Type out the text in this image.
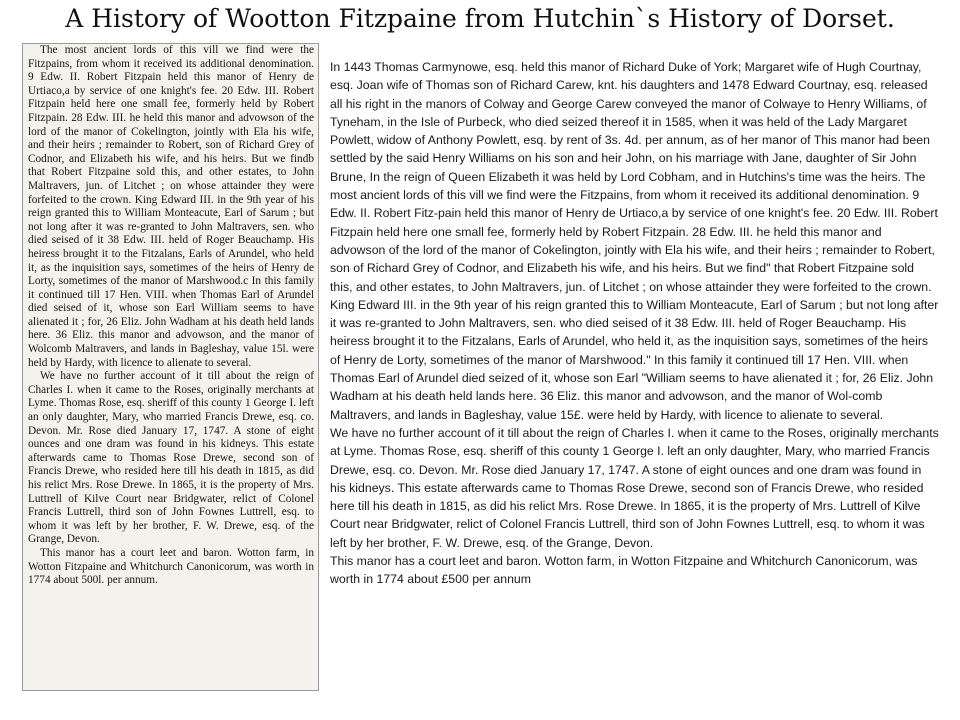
A History of Wootton Fitzpaine from Hutchin`s History of Dorset.

The most ancient lords of this vill we find were the Fitzpains, from whom it received its additional denomination. 9 Edw. II. Robert Fitzpain held this manor of Henry de Urtiaco,a by service of one knight's fee. 20 Edw. III. Robert Fitzpain held here one small fee, formerly held by Robert Fitzpain. 28 Edw. III. he held this manor and advowson of the lord of the manor of Cokelington, jointly with Ela his wife, and their heirs ; remainder to Robert, son of Richard Grey of Codnor, and Elizabeth his wife, and his heirs. But we findb that Robert Fitzpaine sold this, and other estates, to John Maltravers, jun. of Litchet ; on whose attainder they were forfeited to the crown. King Edward III. in the 9th year of his reign granted this to William Monteacute, Earl of Sarum ; but not long after it was re-granted to John Maltravers, sen. who died seised of it 38 Edw. III. held of Roger Beauchamp. His heiress brought it to the Fitzalans, Earls of Arundel, who held it, as the inquisition says, sometimes of the heirs of Henry de Lorty, sometimes of the manor of Marshwood.c In this family it continued till 17 Hen. VIII. when Thomas Earl of Arundel died seised of it, whose son Earl William seems to have alienated it ; for, 26 Eliz. John Wadham at his death held lands here. 36 Eliz. this manor and advowson, and the manor of Wolcomb Maltravers, and lands in Bagleshay, value 15l. were held by Hardy, with licence to alienate to several.

We have no further account of it till about the reign of Charles I. when it came to the Roses, originally merchants at Lyme. Thomas Rose, esq. sheriff of this county 1 George I. left an only daughter, Mary, who married Francis Drewe, esq. co. Devon. Mr. Rose died January 17, 1747. A stone of eight ounces and one dram was found in his kidneys. This estate afterwards came to Thomas Rose Drewe, second son of Francis Drewe, who resided here till his death in 1815, as did his relict Mrs. Rose Drewe. In 1865, it is the property of Mrs. Luttrell of Kilve Court near Bridgwater, relict of Colonel Francis Luttrell, third son of John Fownes Luttrell, esq. to whom it was left by her brother, F. W. Drewe, esq. of the Grange, Devon.

This manor has a court leet and baron. Wotton farm, in Wotton Fitzpaine and Whitchurch Canonicorum, was worth in 1774 about 500l. per annum.

In 1443 Thomas Carmynowe, esq. held this manor of Richard Duke of York; Margaret wife of Hugh Courtnay, esq. Joan wife of Thomas son of Richard Carew, knt. his daughters and 1478 Edward Courtnay, esq. released all his right in the manors of Colway and George Carew conveyed the manor of Colwaye to Henry Williams, of Tyneham, in the Isle of Purbeck, who died seized thereof it in 1585, when it was held of the Lady Margaret Powlett, widow of Anthony Powlett, esq. by rent of 3s. 4d. per annum, as of her manor of This manor had been settled by the said Henry Williams on his son and heir John, on his marriage with Jane, daughter of Sir John Brune, In the reign of Queen Elizabeth it was held by Lord Cobham, and in Hutchins's time was the heirs. The most ancient lords of this vill we find were the Fitzpains, from whom it received its additional denomination. 9 Edw. II. Robert Fitz-pain held this manor of Henry de Urtiaco,a by service of one knight's fee. 20 Edw. III. Robert Fitzpain held here one small fee, formerly held by Robert Fitzpain. 28 Edw. III. he held this manor and advowson of the lord of the manor of Cokelington, jointly with Ela his wife, and their heirs ; remainder to Robert, son of Richard Grey of Codnor, and Elizabeth his wife, and his heirs. But we find" that Robert Fitzpaine sold this, and other estates, to John Maltravers, jun. of Litchet ; on whose attainder they were forfeited to the crown. King Edward III. in the 9th year of his reign granted this to William Monteacute, Earl of Sarum ; but not long after it was re-granted to John Maltravers, sen. who died seised of it 38 Edw. III. held of Roger Beauchamp. His heiress brought it to the Fitzalans, Earls of Arundel, who held it, as the inquisition says, sometimes of the heirs of Henry de Lorty, sometimes of the manor of Marshwood." In this family it continued till 17 Hen. VIII. when Thomas Earl of Arundel died seized of it, whose son Earl "William seems to have alienated it ; for, 26 Eliz. John Wadham at his death held lands here. 36 Eliz. this manor and advowson, and the manor of Wol-comb Maltravers, and lands in Bagleshay, value 15£. were held by Hardy, with licence to alienate to several.

We have no further account of it till about the reign of Charles I. when it came to the Roses, originally merchants at Lyme. Thomas Rose, esq. sheriff of this county 1 George I. left an only daughter, Mary, who married Francis Drewe, esq. co. Devon. Mr. Rose died January 17, 1747. A stone of eight ounces and one dram was found in his kidneys. This estate afterwards came to Thomas Rose Drewe, second son of Francis Drewe, who resided here till his death in 1815, as did his relict Mrs. Rose Drewe. In 1865, it is the property of Mrs. Luttrell of Kilve Court near Bridgwater, relict of Colonel Francis Luttrell, third son of John Fownes Luttrell, esq. to whom it was left by her brother, F. W. Drewe, esq. of the Grange, Devon.

This manor has a court leet and baron. Wotton farm, in Wotton Fitzpaine and Whitchurch Canonicorum, was worth in 1774 about £500 per annum
